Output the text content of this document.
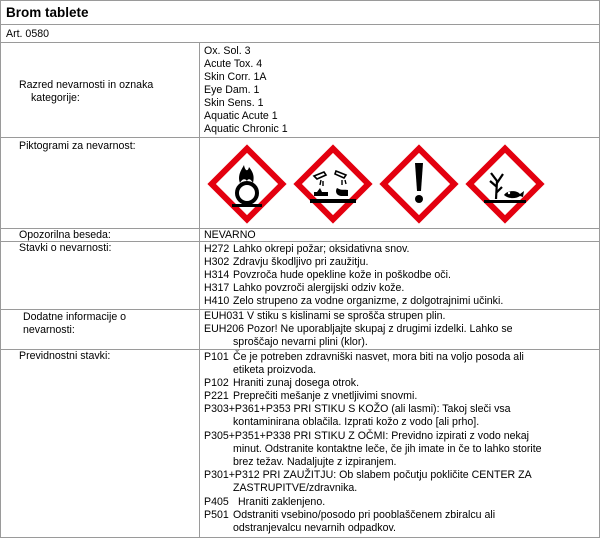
Brom tablete
Art. 0580
Razred nevarnosti in oznaka
kategorije:
Ox. Sol. 3
Acute Tox. 4
Skin Corr. 1A
Eye Dam. 1
Skin Sens. 1
Aquatic Acute 1
Aquatic Chronic 1
Piktogrami za nevarnost:
Opozorilna beseda:	NEVARNO
Stavki o nevarnosti:	H272 Lahko okrepi požar; oksidativna snov.
H302 Zdravju škodljivo pri zaužitju.
H314 Povzroča hude opekline kože in poškodbe oči.
H317 Lahko povzroči alergijski odziv kože.
H410 Zelo strupeno za vodne organizme, z dolgotrajnimi učinki.
Dodatne informacije o
nevarnosti:
EUH031 V stiku s kislinami se sprošča strupen plin.
EUH206 Pozor! Ne uporabljajte skupaj z drugimi izdelki. Lahko se
sproščajo nevarni plini (klor).
Previdnostni stavki:	P101 Če je potreben zdravniški nasvet, mora biti na voljo posoda ali
etiketa proizvoda.
P102 Hraniti zunaj dosega otrok.
P221 Preprečiti mešanje z vnetljivimi snovmi.
P303+P361+P353 PRI STIKU S KOŽO (ali lasmi): Takoj sleči vsa
kontaminirana oblačila. Izprati kožo z vodo [ali prho].
P305+P351+P338 PRI STIKU Z OČMI: Previdno izpirati z vodo nekaj
minut. Odstranite kontaktne leče, če jih imate in če to lahko storite
brez težav. Nadaljujte z izpiranjem.
P301+P312 PRI ZAUŽITJU: Ob slabem počutju pokličite CENTER ZA
ZASTRUPITVE/zdravnika.
P405 Hraniti zaklenjeno.
P501 Odstraniti vsebino/posodo pri pooblaščenem zbiralcu ali
odstranjevalcu nevarnih odpadkov.
